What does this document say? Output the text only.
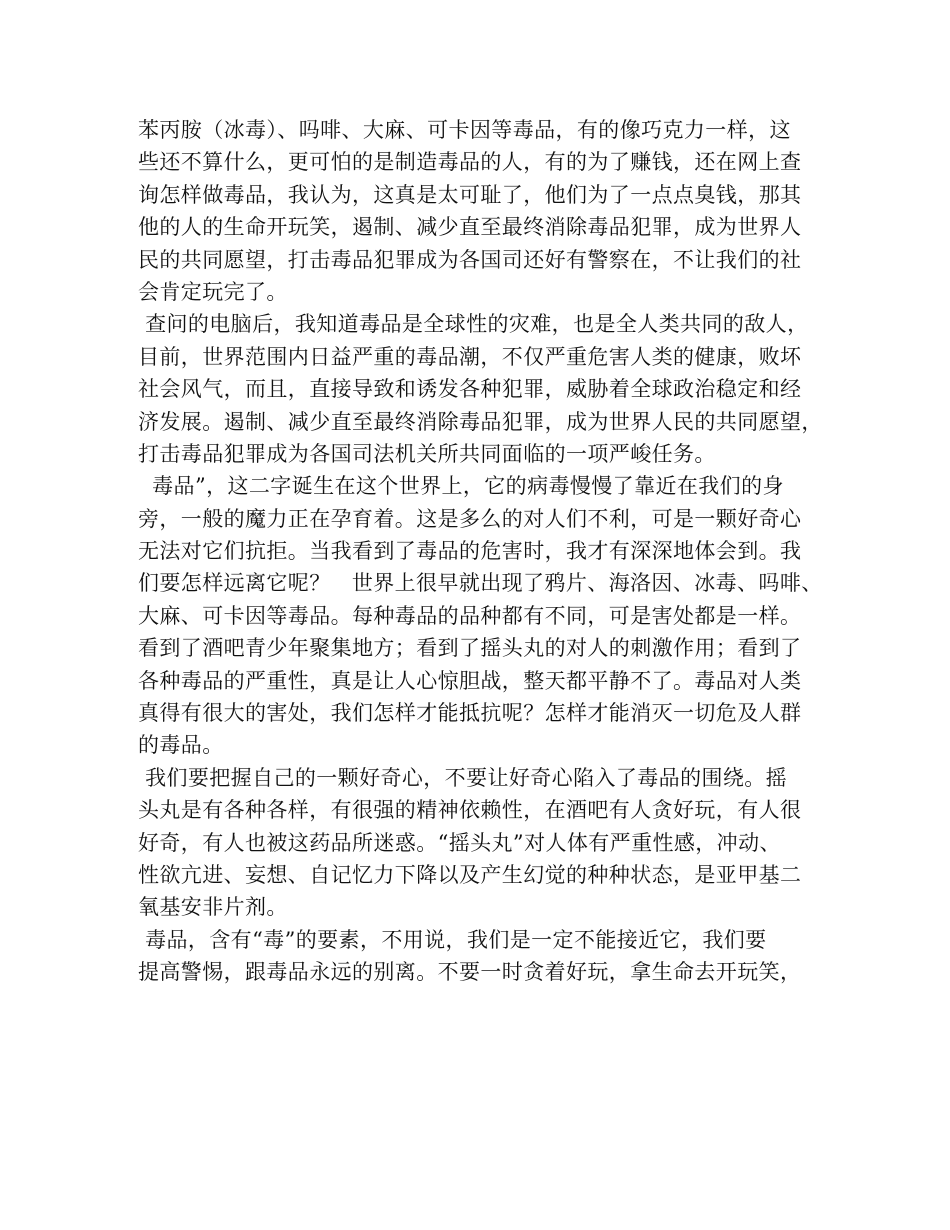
苯丙胺（冰毒）、吗啡、大麻、可卡因等毒品，有的像巧克力一样，这
些还不算什么，更可怕的是制造毒品的人，有的为了赚钱，还在网上查
询怎样做毒品，我认为，这真是太可耻了，他们为了一点点臭钱，那其
他的人的生命开玩笑，遏制、减少直至最终消除毒品犯罪，成为世界人
民的共同愿望，打击毒品犯罪成为各国司还好有警察在，不让我们的社
会肯定玩完了。
查问的电脑后，我知道毒品是全球性的灾难，也是全人类共同的敌人，
目前，世界范围内日益严重的毒品潮，不仅严重危害人类的健康，败坏
社会风气，而且，直接导致和诱发各种犯罪，威胁着全球政治稳定和经
济发展。遏制、减少直至最终消除毒品犯罪，成为世界人民的共同愿望，
打击毒品犯罪成为各国司法机关所共同面临的一项严峻任务。
毒品”，这二字诞生在这个世界上，它的病毒慢慢了靠近在我们的身
旁，一般的魔力正在孕育着。这是多么的对人们不利，可是一颗好奇心
无法对它们抗拒。当我看到了毒品的危害时，我才有深深地体会到。我
们要怎样远离它呢？   世界上很早就出现了鸦片、海洛因、冰毒、吗啡、
大麻、可卡因等毒品。每种毒品的品种都有不同，可是害处都是一样。
看到了酒吧青少年聚集地方；看到了摇头丸的对人的刺激作用；看到了
各种毒品的严重性，真是让人心惊胆战，整天都平静不了。毒品对人类
真得有很大的害处，我们怎样才能抵抗呢？怎样才能消灭一切危及人群
的毒品。
我们要把握自己的一颗好奇心，不要让好奇心陷入了毒品的围绕。摇
头丸是有各种各样，有很强的精神依赖性，在酒吧有人贪好玩，有人很
好奇，有人也被这药品所迷惑。“摇头丸”对人体有严重性感，冲动、
性欲亢进、妄想、自记忆力下降以及产生幻觉的种种状态，是亚甲基二
氧基安非片剂。
毒品，含有“毒”的要素，不用说，我们是一定不能接近它，我们要
提高警惕，跟毒品永远的别离。不要一时贪着好玩，拿生命去开玩笑，
